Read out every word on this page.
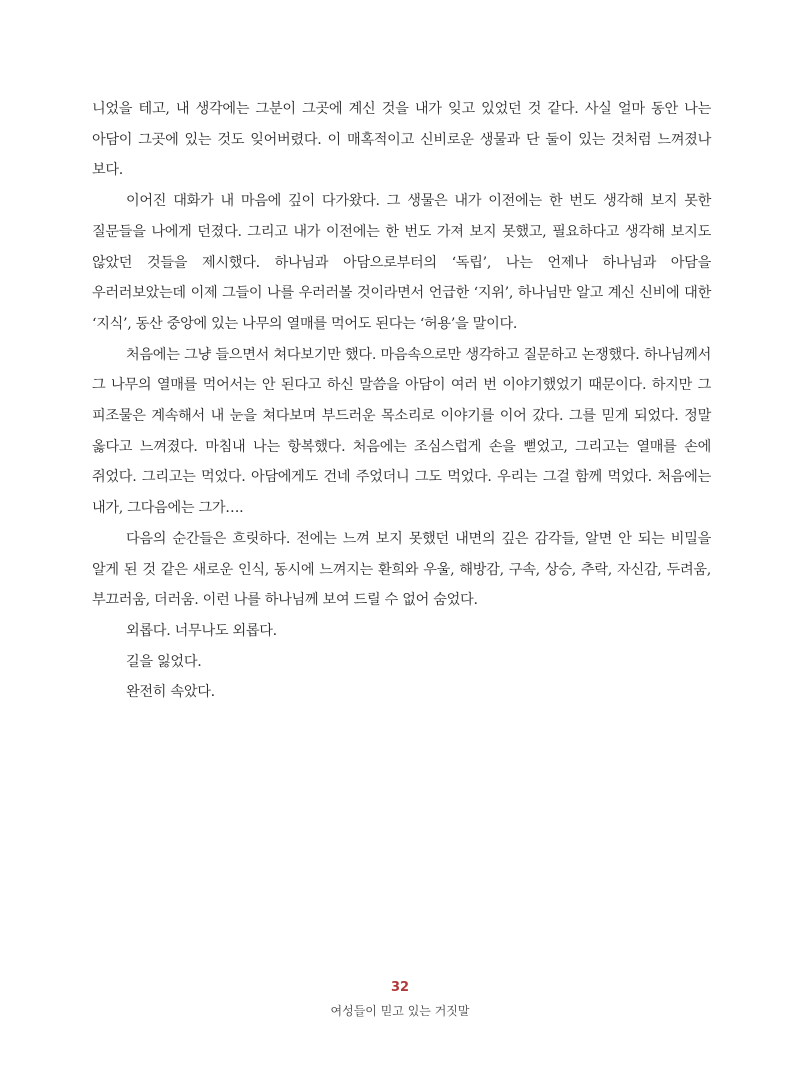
니었을 테고, 내 생각에는 그분이 그곳에 계신 것을 내가 잊고 있었던 것 같다. 사실 얼마 동안 나는 아담이 그곳에 있는 것도 잊어버렸다. 이 매혹적이고 신비로운 생물과 단 둘이 있는 것처럼 느껴졌나 보다.

이어진 대화가 내 마음에 깊이 다가왔다. 그 생물은 내가 이전에는 한 번도 생각해 보지 못한 질문들을 나에게 던졌다. 그리고 내가 이전에는 한 번도 가져 보지 못했고, 필요하다고 생각해 보지도 않았던 것들을 제시했다. 하나님과 아담으로부터의 ‘독립’, 나는 언제나 하나님과 아담을 우러러보았는데 이제 그들이 나를 우러러볼 것이라면서 언급한 ‘지위’, 하나님만 알고 계신 신비에 대한 ‘지식’, 동산 중앙에 있는 나무의 열매를 먹어도 된다는 ‘허용’을 말이다.

처음에는 그냥 들으면서 쳐다보기만 했다. 마음속으로만 생각하고 질문하고 논쟁했다. 하나님께서 그 나무의 열매를 먹어서는 안 된다고 하신 말씀을 아담이 여러 번 이야기했었기 때문이다. 하지만 그 피조물은 계속해서 내 눈을 쳐다보며 부드러운 목소리로 이야기를 이어 갔다. 그를 믿게 되었다. 정말 옳다고 느껴졌다. 마침내 나는 항복했다. 처음에는 조심스럽게 손을 뻗었고, 그리고는 열매를 손에 쥐었다. 그리고는 먹었다. 아담에게도 건네 주었더니 그도 먹었다. 우리는 그걸 함께 먹었다. 처음에는 내가, 그다음에는 그가….

다음의 순간들은 흐릿하다. 전에는 느껴 보지 못했던 내면의 깊은 감각들, 알면 안 되는 비밀을 알게 된 것 같은 새로운 인식, 동시에 느껴지는 환희와 우울, 해방감, 구속, 상승, 추락, 자신감, 두려움, 부끄러움, 더러움. 이런 나를 하나님께 보여 드릴 수 없어 숨었다.

외롭다. 너무나도 외롭다.

길을 잃었다.

완전히 속았다.

32
여성들이 믿고 있는 거짓말
